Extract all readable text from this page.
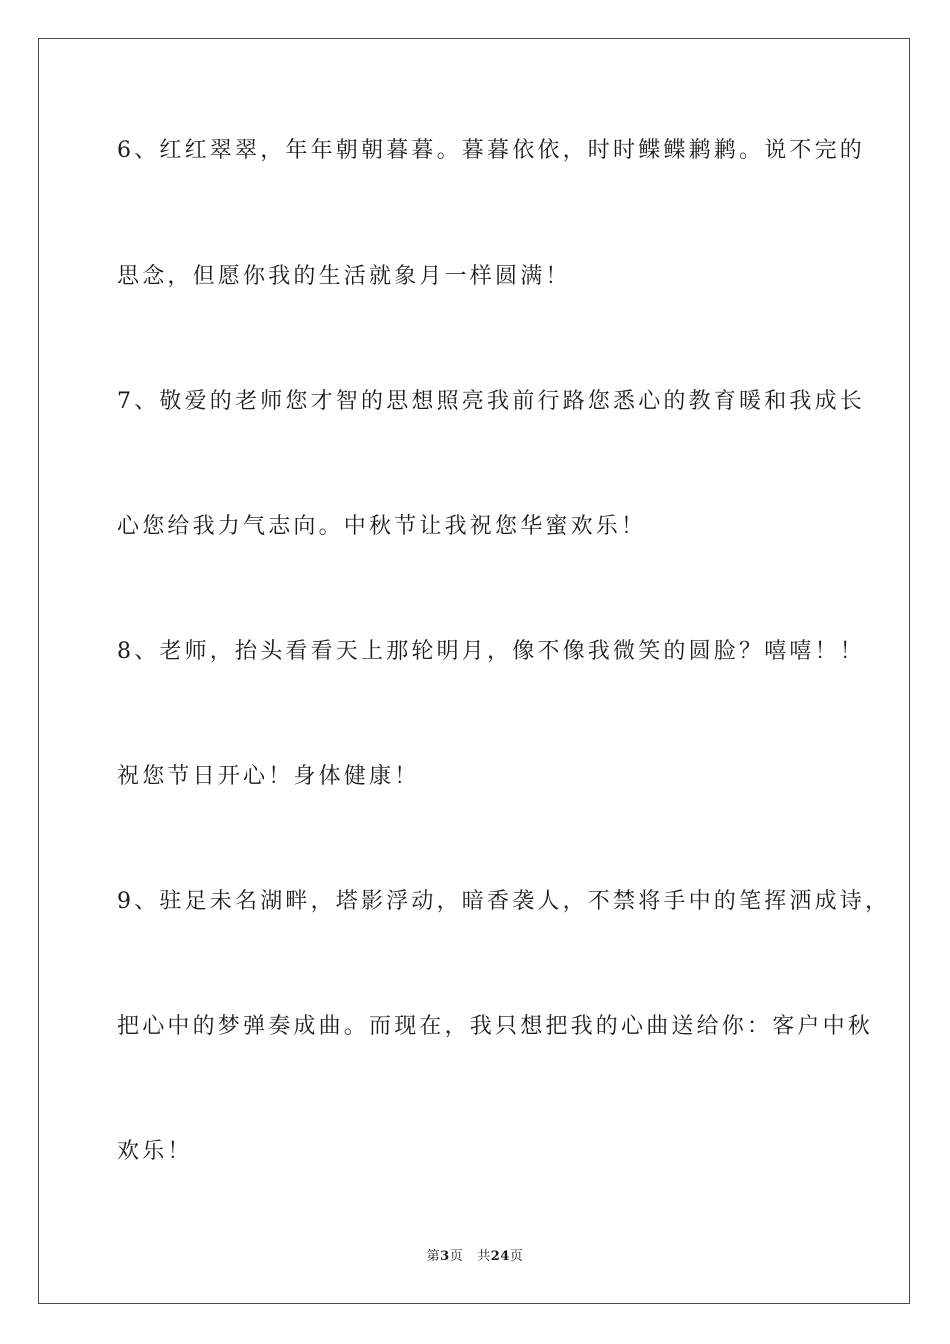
6、红红翠翠，年年朝朝暮暮。暮暮依依，时时鲽鲽鹣鹣。说不完的
思念，但愿你我的生活就象月一样圆满！
7、敬爱的老师您才智的思想照亮我前行路您悉心的教育暖和我成长
心您给我力气志向。中秋节让我祝您华蜜欢乐！
8、老师，抬头看看天上那轮明月，像不像我微笑的圆脸？嘻嘻！！
祝您节日开心！身体健康！
9、驻足未名湖畔，塔影浮动，暗香袭人，不禁将手中的笔挥洒成诗，
把心中的梦弹奏成曲。而现在，我只想把我的心曲送给你：客户中秋
欢乐！
第3页 共24页
